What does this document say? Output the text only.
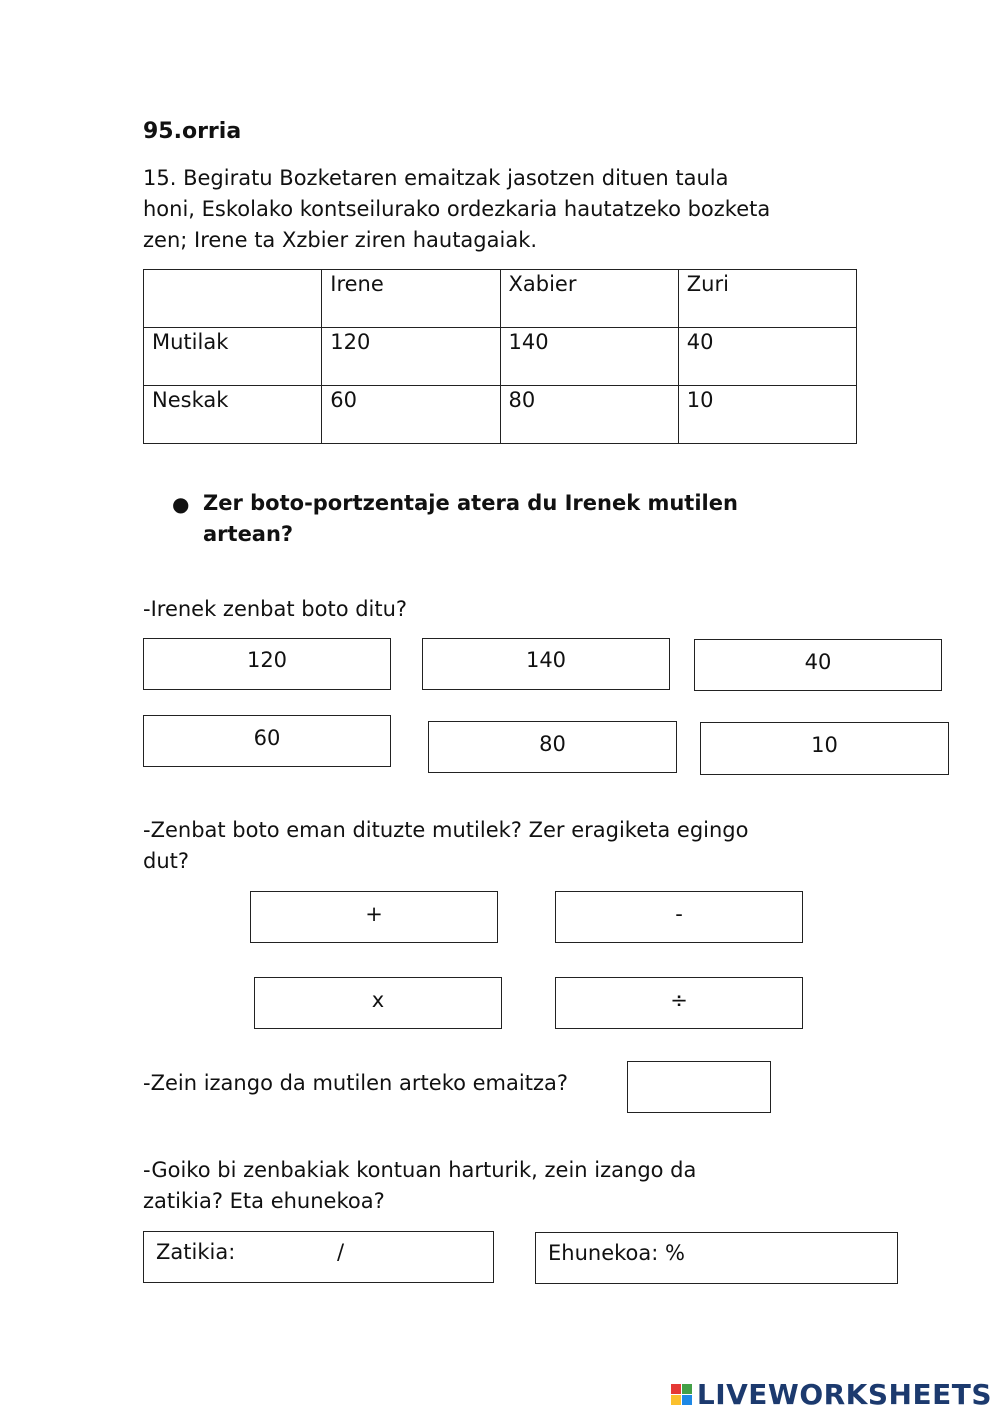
95.orria
15. Begiratu Bozketaren emaitzak jasotzen dituen taula
honi, Eskolako kontseilurako ordezkaria hautatzeko bozketa
zen; Irene ta Xzbier ziren hautagaiak.
	Irene	Xabier	Zuri
Mutilak	120	140	40
Neskak	60	80	10
● Zer boto-portzentaje atera du Irenek mutilen
artean?
-Irenek zenbat boto ditu?
120	140	40
60	80	10
-Zenbat boto eman dituzte mutilek? Zer eragiketa egingo
dut?
+	-
x	÷
-Zein izango da mutilen arteko emaitza?
-Goiko bi zenbakiak kontuan harturik, zein izango da
zatikia? Eta ehunekoa?
Zatikia:	/	Ehunekoa: %
LIVEWORKSHEETS
